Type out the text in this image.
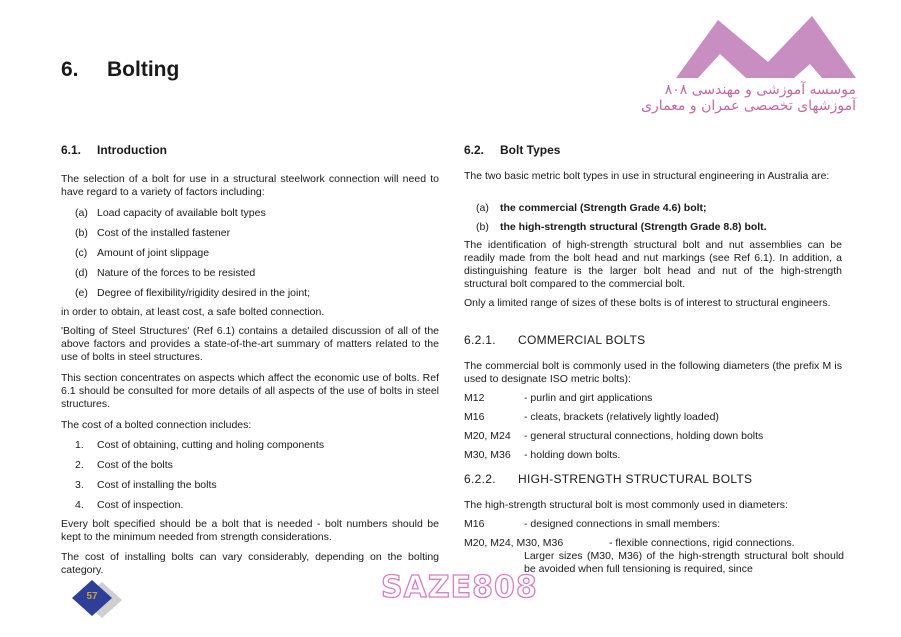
6. Bolting
موسسه آموزشی و مهندسی ۸۰۸
آموزشهای تخصصی عمران و معماری
6.1. Introduction

The selection of a bolt for use in a structural steelwork connection will need to have regard to a variety of factors including:

(a) Load capacity of available bolt types
(b) Cost of the installed fastener
(c) Amount of joint slippage
(d) Nature of the forces to be resisted
(e) Degree of flexibility/rigidity desired in the joint;

in order to obtain, at least cost, a safe bolted connection.

'Bolting of Steel Structures' (Ref 6.1) contains a detailed discussion of all of the above factors and provides a state-of-the-art summary of matters related to the use of bolts in steel structures.

This section concentrates on aspects which affect the economic use of bolts. Ref 6.1 should be consulted for more details of all aspects of the use of bolts in steel structures.

The cost of a bolted connection includes:

1. Cost of obtaining, cutting and holing components
2. Cost of the bolts
3. Cost of installing the bolts
4. Cost of inspection.

Every bolt specified should be a bolt that is needed - bolt numbers should be kept to the minimum needed from strength considerations.

The cost of installing bolts can vary considerably, depending on the bolting category.

6.2. Bolt Types

The two basic metric bolt types in use in structural engineering in Australia are:

(a) the commercial (Strength Grade 4.6) bolt;
(b) the high-strength structural (Strength Grade 8.8) bolt.

The identification of high-strength structural bolt and nut assemblies can be readily made from the bolt head and nut markings (see Ref 6.1). In addition, a distinguishing feature is the larger bolt head and nut of the high-strength structural bolt compared to the commercial bolt.

Only a limited range of sizes of these bolts is of interest to structural engineers.

6.2.1. COMMERCIAL BOLTS

The commercial bolt is commonly used in the following diameters (the prefix M is used to designate ISO metric bolts):

M12	- purlin and girt applications
M16	- cleats, brackets (relatively lightly loaded)
M20, M24 - general structural connections, holding down bolts
M30, M36 - holding down bolts.
6.2.2. HIGH-STRENGTH STRUCTURAL BOLTS

The high-strength structural bolt is most commonly used in diameters:

M16	- designed connections in small members:
M20, M24, M30, M36	- flexible connections, rigid connections.

Larger sizes (M30, M36) of the high-strength structural bolt should be avoided when full tensioning is required, since

SAZE808
57
